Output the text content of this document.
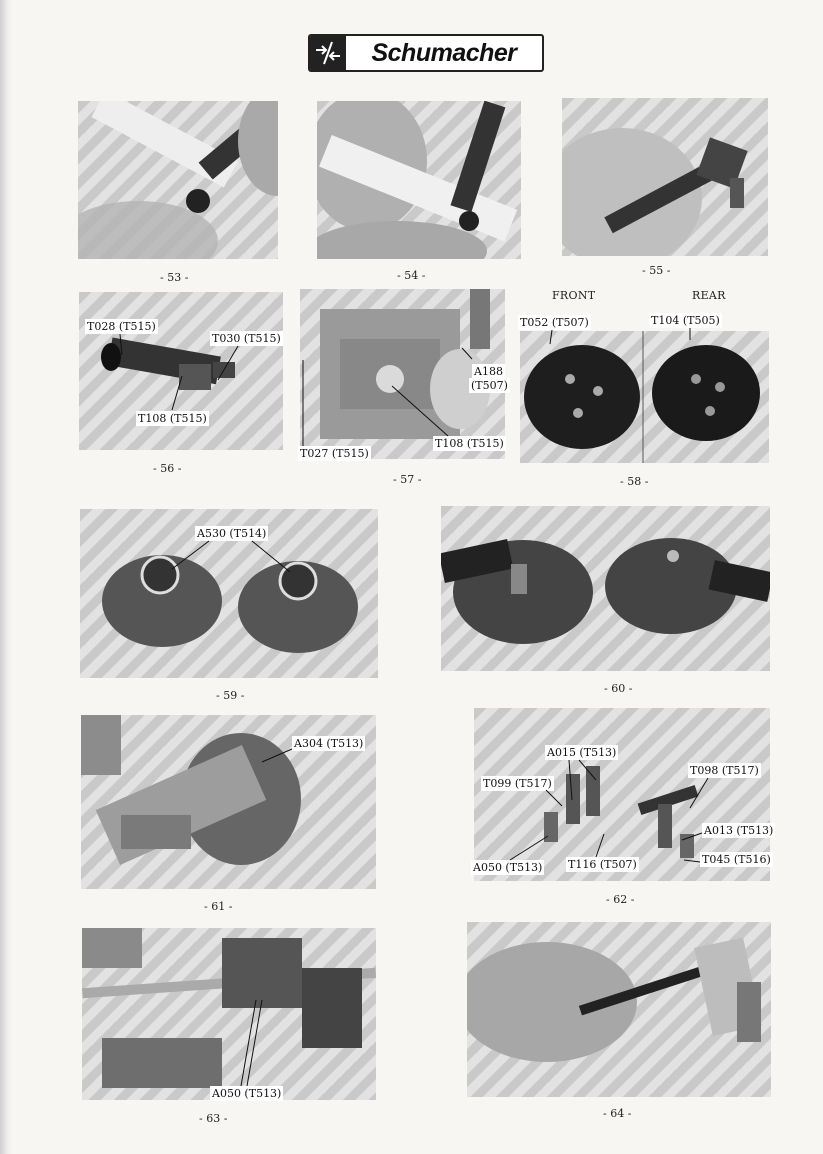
Schumacher
- 53 -	- 54 -	- 55 -
T028 (T515)
T030 (T515)
T108 (T515)
- 56 -
A188
(T507)
T108 (T515)
T027 (T515)
- 57 -
FRONT	REAR
T052 (T507)	T104 (T505)
- 58 -
A530 (T514)
- 59 -
- 60 -
A304 (T513)
- 61 -
A015 (T513)
T099 (T517)
T098 (T517)
A013 (T513)
T045 (T516)
A050 (T513) T116 (T507)
- 62 -
A050 (T513)
- 63 -	- 64 -
